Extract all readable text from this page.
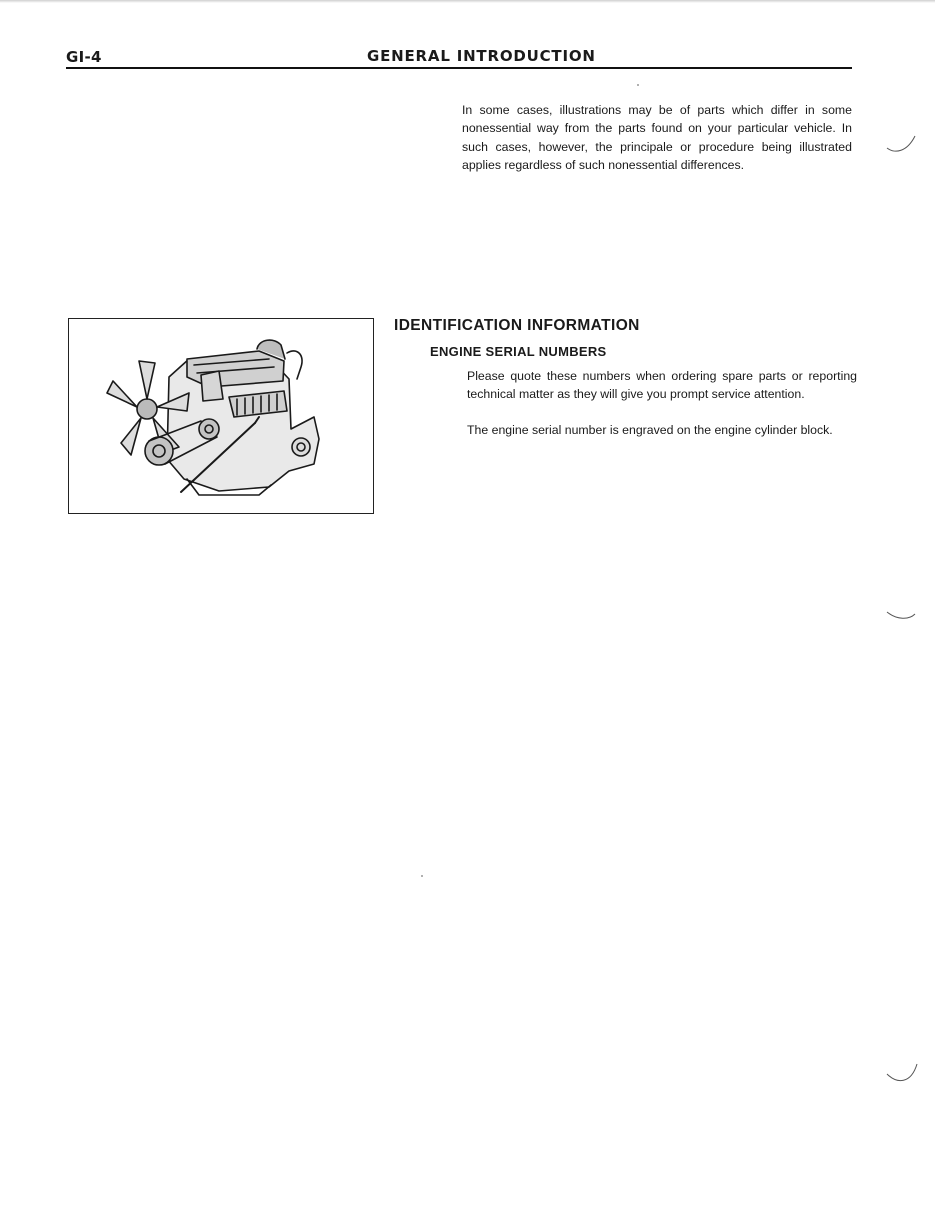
GI-4	GENERAL INTRODUCTION

In some cases, illustrations may be of parts which differ in some nonessential way from the parts found on your particular vehicle. In such cases, however, the principale or procedure being illustrated applies regardless of such nonessential differences.

IDENTIFICATION INFORMATION
ENGINE SERIAL NUMBERS

Please quote these numbers when ordering spare parts or reporting technical matter as they will give you prompt service attention.

The engine serial number is engraved on the engine cylinder block.
